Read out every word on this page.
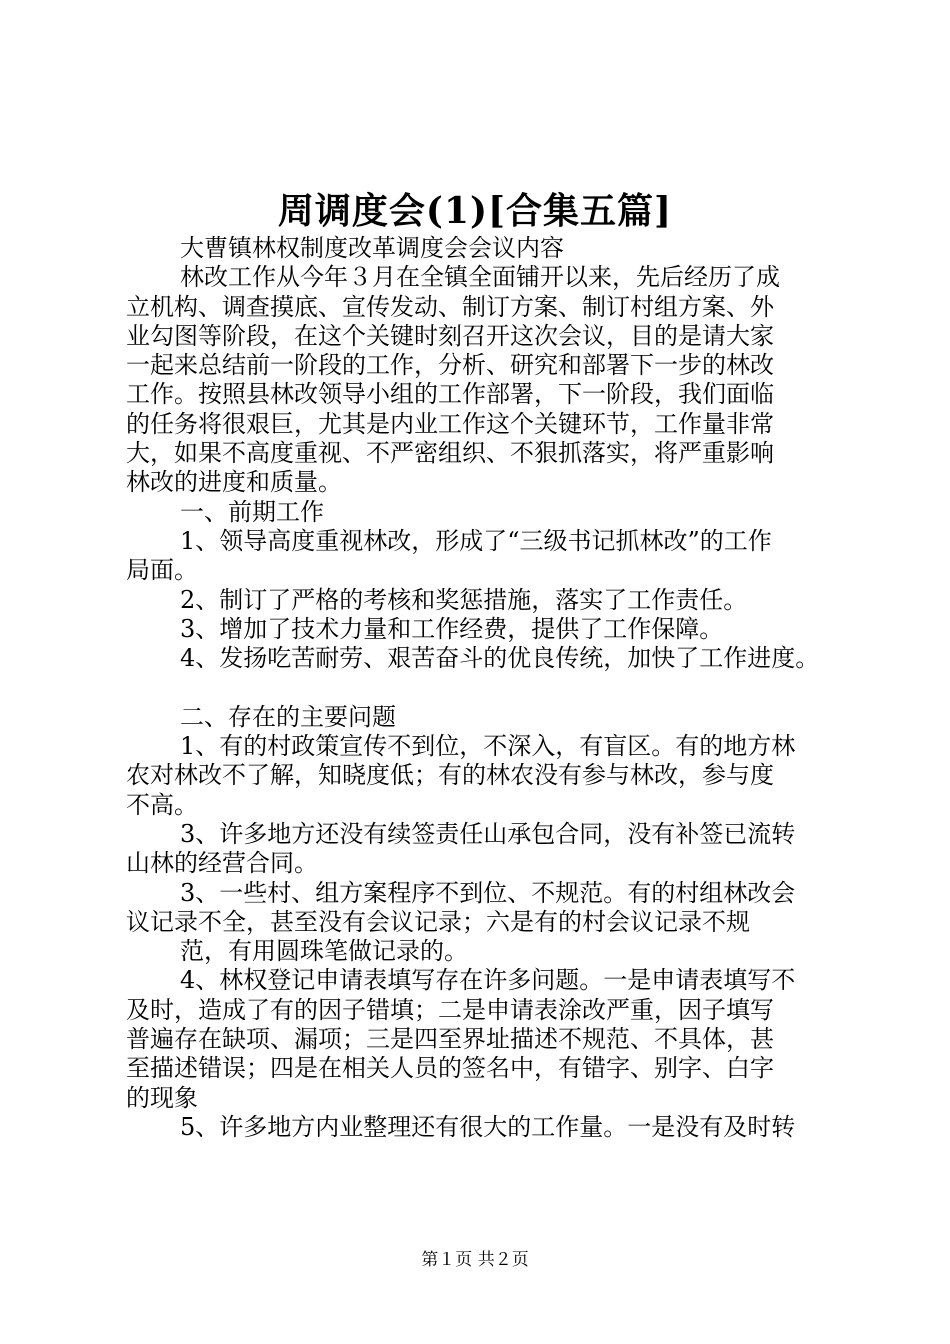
周调度会(1)[合集五篇]
大曹镇林权制度改革调度会会议内容
林改工作从今年３月在全镇全面铺开以来，先后经历了成
立机构、调查摸底、宣传发动、制订方案、制订村组方案、外
业勾图等阶段，在这个关键时刻召开这次会议，目的是请大家
一起来总结前一阶段的工作，分析、研究和部署下一步的林改
工作。按照县林改领导小组的工作部署，下一阶段，我们面临
的任务将很艰巨，尤其是内业工作这个关键环节，工作量非常
大，如果不高度重视、不严密组织、不狠抓落实，将严重影响
林改的进度和质量。
一、前期工作
1、领导高度重视林改，形成了“三级书记抓林改”的工作
局面。
2、制订了严格的考核和奖惩措施，落实了工作责任。
3、增加了技术力量和工作经费，提供了工作保障。
4、发扬吃苦耐劳、艰苦奋斗的优良传统，加快了工作进度。
二、存在的主要问题
1、有的村政策宣传不到位，不深入，有盲区。有的地方林
农对林改不了解，知晓度低；有的林农没有参与林改，参与度
不高。
3、许多地方还没有续签责任山承包合同，没有补签已流转
山林的经营合同。
3、一些村、组方案程序不到位、不规范。有的村组林改会
议记录不全，甚至没有会议记录；六是有的村会议记录不规
范，有用圆珠笔做记录的。
4、林权登记申请表填写存在许多问题。一是申请表填写不
及时，造成了有的因子错填；二是申请表涂改严重，因子填写
普遍存在缺项、漏项；三是四至界址描述不规范、不具体，甚
至描述错误；四是在相关人员的签名中，有错字、别字、白字
的现象
5、许多地方内业整理还有很大的工作量。一是没有及时转
第１页 共２页
